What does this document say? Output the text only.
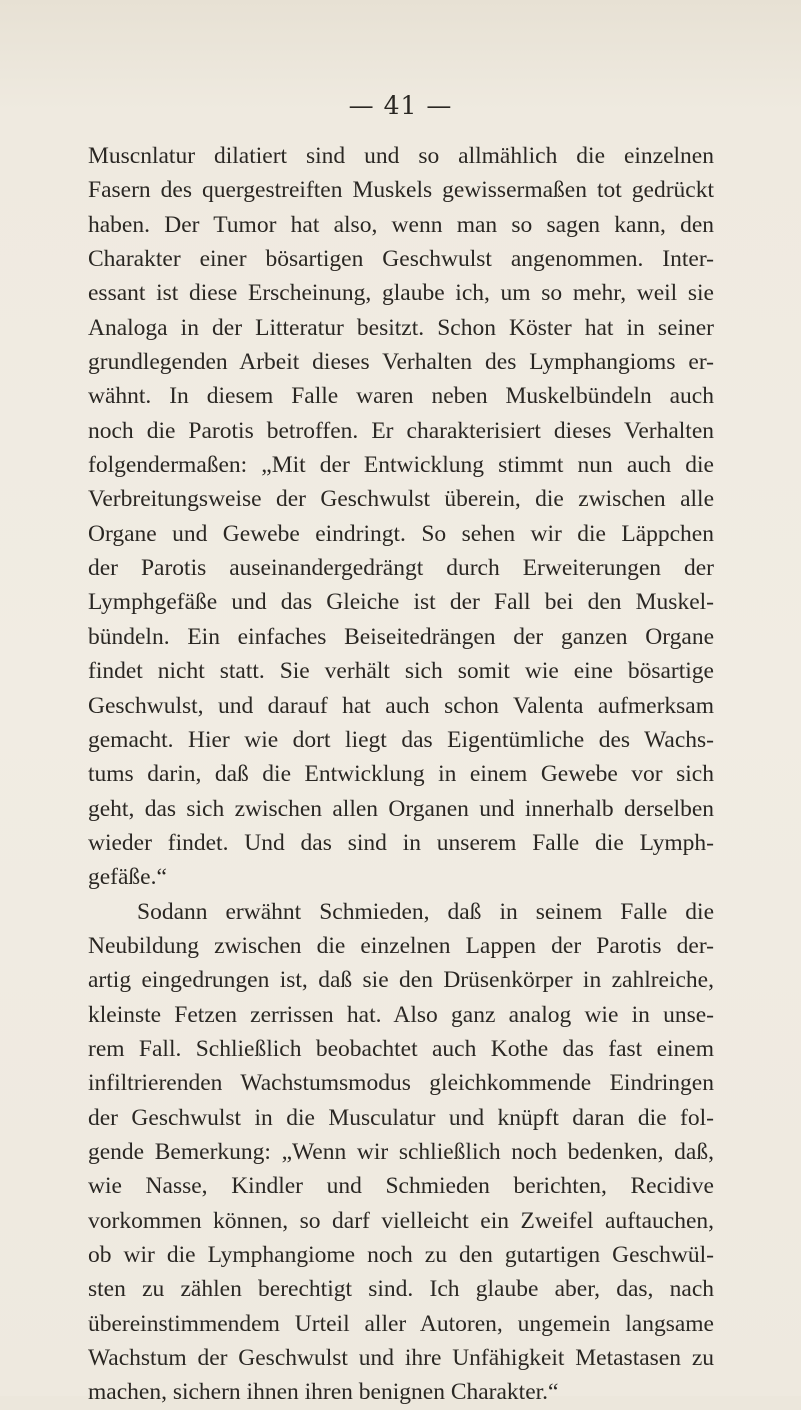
— 41 —
Muscnlatur dilatiert sind und so allmählich die einzelnen
Fasern des quergestreiften Muskels gewissermaßen tot gedrückt
haben. Der Tumor hat also, wenn man so sagen kann, den
Charakter einer bösartigen Geschwulst angenommen. Inter-
essant ist diese Erscheinung, glaube ich, um so mehr, weil sie
Analoga in der Litteratur besitzt. Schon Köster hat in seiner
grundlegenden Arbeit dieses Verhalten des Lymphangioms er-
wähnt. In diesem Falle waren neben Muskelbündeln auch
noch die Parotis betroffen. Er charakterisiert dieses Verhalten
folgendermaßen: „Mit der Entwicklung stimmt nun auch die
Verbreitungsweise der Geschwulst überein, die zwischen alle
Organe und Gewebe eindringt. So sehen wir die Läppchen
der Parotis auseinandergedrängt durch Erweiterungen der
Lymphgefäße und das Gleiche ist der Fall bei den Muskel-
bündeln. Ein einfaches Beiseitedrängen der ganzen Organe
findet nicht statt. Sie verhält sich somit wie eine bösartige
Geschwulst, und darauf hat auch schon Valenta aufmerksam
gemacht. Hier wie dort liegt das Eigentümliche des Wachs-
tums darin, daß die Entwicklung in einem Gewebe vor sich
geht, das sich zwischen allen Organen und innerhalb derselben
wieder findet. Und das sind in unserem Falle die Lymph-
gefäße.“
Sodann erwähnt Schmieden, daß in seinem Falle die
Neubildung zwischen die einzelnen Lappen der Parotis der-
artig eingedrungen ist, daß sie den Drüsenkörper in zahlreiche,
kleinste Fetzen zerrissen hat. Also ganz analog wie in unse-
rem Fall. Schließlich beobachtet auch Kothe das fast einem
infiltrierenden Wachstumsmodus gleichkommende Eindringen
der Geschwulst in die Musculatur und knüpft daran die fol-
gende Bemerkung: „Wenn wir schließlich noch bedenken, daß,
wie Nasse, Kindler und Schmieden berichten, Recidive
vorkommen können, so darf vielleicht ein Zweifel auftauchen,
ob wir die Lymphangiome noch zu den gutartigen Geschwül-
sten zu zählen berechtigt sind. Ich glaube aber, das, nach
übereinstimmendem Urteil aller Autoren, ungemein langsame
Wachstum der Geschwulst und ihre Unfähigkeit Metastasen zu
machen, sichern ihnen ihren benignen Charakter.“
